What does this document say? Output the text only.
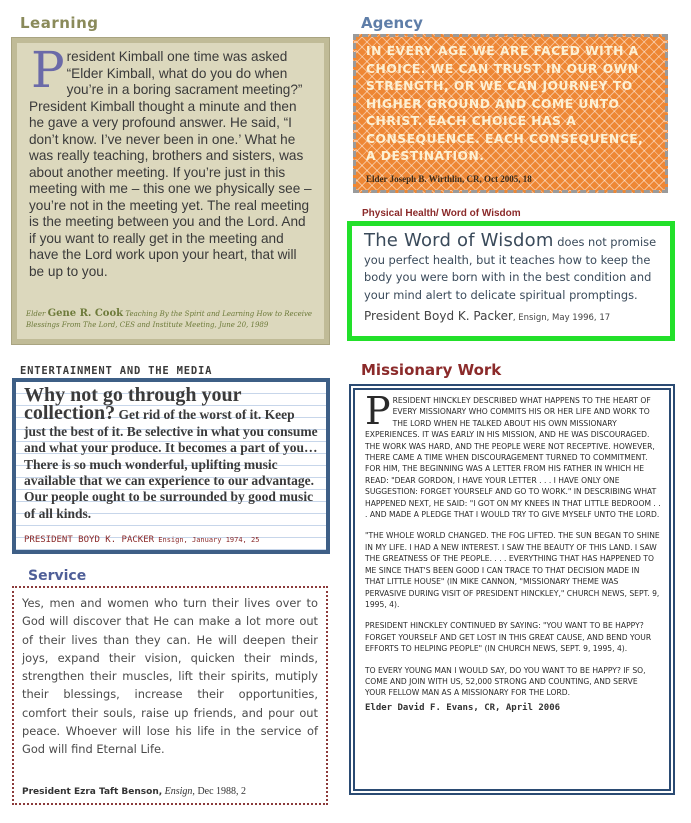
Learning
President Kimball one time was asked “Elder Kimball, what do you do when you’re in a boring sacrament meeting?” President Kimball thought a minute and then he gave a very profound answer. He said, “I don’t know. I’ve never been in one.’ What he was really teaching, brothers and sisters, was about another meeting. If you’re just in this meeting with me – this one we physically see – you’re not in the meeting yet. The real meeting is the meeting between you and the Lord. And if you want to really get in the meeting and have the Lord work upon your heart, that will be up to you.
Elder Gene R. Cook Teaching By the Spirit and Learning How to Receive Blessings From The Lord, CES and Institute Meeting, June 20, 1989
Agency
IN EVERY AGE WE ARE FACED WITH A CHOICE. WE CAN TRUST IN OUR OWN STRENGTH, OR WE CAN JOURNEY TO HIGHER GROUND AND COME UNTO CHRIST. EACH CHOICE HAS A CONSEQUENCE. EACH CONSEQUENCE, A DESTINATION.
Elder Joseph B. Wirthlin, CR, Oct 2005, 18
Physical Health/ Word of Wisdom
The Word of Wisdom does not promise you perfect health, but it teaches how to keep the body you were born with in the best condition and your mind alert to delicate spiritual promptings.
President Boyd K. Packer, Ensign, May 1996, 17
ENTERTAINMENT AND THE MEDIA
Why not go through your collection? Get rid of the worst of it. Keep just the best of it. Be selective in what you consume and what your produce. It becomes a part of you… There is so much wonderful, uplifting music available that we can experience to our advantage. Our people ought to be surrounded by good music of all kinds.
PRESIDENT BOYD K. PACKER Ensign, January 1974, 25
Service
Yes, men and women who turn their lives over to God will discover that He can make a lot more out of their lives than they can. He will deepen their joys, expand their vision, quicken their minds, strengthen their muscles, lift their spirits, mutiply their blessings, increase their opportunities, comfort their souls, raise up friends, and pour out peace. Whoever will lose his life in the service of God will find Eternal Life.
President Ezra Taft Benson, Ensign, Dec 1988, 2
Missionary Work
PRESIDENT HINCKLEY DESCRIBED WHAT HAPPENS TO THE HEART OF EVERY MISSIONARY WHO COMMITS HIS OR HER LIFE AND WORK TO THE LORD WHEN HE TALKED ABOUT HIS OWN MISSIONARY EXPERIENCES. IT WAS EARLY IN HIS MISSION, AND HE WAS DISCOURAGED. THE WORK WAS HARD, AND THE PEOPLE WERE NOT RECEPTIVE. HOWEVER, THERE CAME A TIME WHEN DISCOURAGEMENT TURNED TO COMMITMENT. FOR HIM, THE BEGINNING WAS A LETTER FROM HIS FATHER IN WHICH HE READ: "DEAR GORDON, I HAVE YOUR LETTER . . . I HAVE ONLY ONE SUGGESTION: FORGET YOURSELF AND GO TO WORK." IN DESCRIBING WHAT HAPPENED NEXT, HE SAID: "I GOT ON MY KNEES IN THAT LITTLE BEDROOM . . . AND MADE A PLEDGE THAT I WOULD TRY TO GIVE MYSELF UNTO THE LORD.
"THE WHOLE WORLD CHANGED. THE FOG LIFTED. THE SUN BEGAN TO SHINE IN MY LIFE. I HAD A NEW INTEREST. I SAW THE BEAUTY OF THIS LAND. I SAW THE GREATNESS OF THE PEOPLE. . . . EVERYTHING THAT HAS HAPPENED TO ME SINCE THAT'S BEEN GOOD I CAN TRACE TO THAT DECISION MADE IN THAT LITTLE HOUSE" (IN MIKE CANNON, "MISSIONARY THEME WAS PERVASIVE DURING VISIT OF PRESIDENT HINCKLEY," CHURCH NEWS, SEPT. 9, 1995, 4).
PRESIDENT HINCKLEY CONTINUED BY SAYING: "YOU WANT TO BE HAPPY? FORGET YOURSELF AND GET LOST IN THIS GREAT CAUSE, AND BEND YOUR EFFORTS TO HELPING PEOPLE" (IN CHURCH NEWS, SEPT. 9, 1995, 4).
TO EVERY YOUNG MAN I WOULD SAY, DO YOU WANT TO BE HAPPY? IF SO, COME AND JOIN WITH US, 52,000 STRONG AND COUNTING, AND SERVE YOUR FELLOW MAN AS A MISSIONARY FOR THE LORD.
Elder David F. Evans, CR, April 2006
